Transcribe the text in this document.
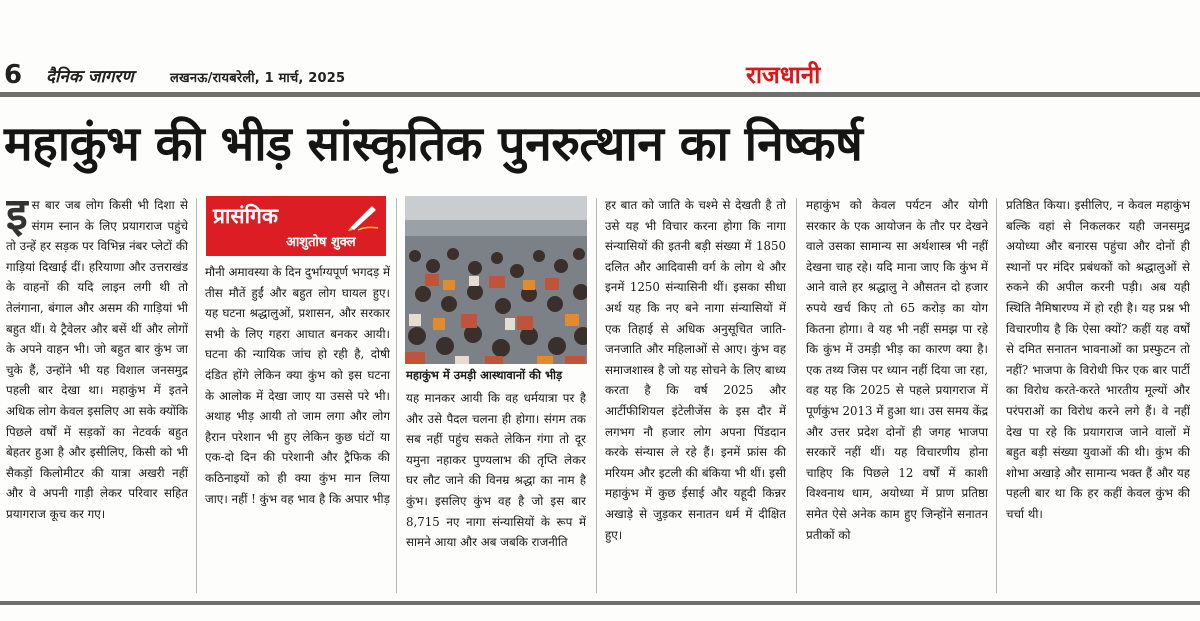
6 दैनिक जागरण	लखनऊ/रायबरेली, 1 मार्च, 2025	राजधानी
महाकुंभ की भीड़ सांस्कृतिक पुनरुत्थान का निष्कर्ष
इ स बार जब लोग किसी भी दिशा से संगम स्नान के लिए प्रयागराज पहुंचे तो उन्हें हर सड़क पर विभिन्न नंबर प्लेटों की गाड़ियां दिखाई दीं। हरियाणा और उत्तराखंड के वाहनों की यदि लाइन लगी थी तो तेलंगाना, बंगाल और असम की गाड़ियां भी बहुत थीं। ये ट्रैवेलर और बसें थीं और लोगों के अपने वाहन भी। जो बहुत बार कुंभ जा चुके हैं, उन्होंने भी यह विशाल जनसमुद्र पहली बार देखा था। महाकुंभ में इतने अधिक लोग केवल इसलिए आ सके क्योंकि पिछले वर्षों में सड़कों का नेटवर्क बहुत बेहतर हुआ है और इसीलिए, किसी को भी सैकड़ों किलोमीटर की यात्रा अखरी नहीं और वे अपनी गाड़ी लेकर परिवार सहित प्रयागराज कूच कर गए।

प्रासंगिक
आशुतोष शुक्ल

मौनी अमावस्या के दिन दुर्भाग्यपूर्ण भगदड़ में तीस मौतें हुईं और बहुत लोग घायल हुए। यह घटना श्रद्धालुओं, प्रशासन, और सरकार सभी के लिए गहरा आघात बनकर आयी। घटना की न्यायिक जांच हो रही है, दोषी दंडित होंगे लेकिन क्या कुंभ को इस घटना के आलोक में देखा जाए या उससे परे भी। अथाह भीड़ आयी तो जाम लगा और लोग हैरान परेशान भी हुए लेकिन कुछ घंटों या एक-दो दिन की परेशानी और ट्रैफिक की कठिनाइयों को ही क्या कुंभ मान लिया जाए। नहीं ! कुंभ वह भाव है कि अपार भीड़

महाकुंभ में उमड़ी आस्थावानों की भीड़

यह मानकर आयी कि वह धर्मयात्रा पर है और उसे पैदल चलना ही होगा। संगम तक सब नहीं पहुंच सकते लेकिन गंगा तो दूर यमुना नहाकर पुण्यलाभ की तृप्ति लेकर घर लौट जाने की विनम्र श्रद्धा का नाम है कुंभ। इसलिए कुंभ वह है जो इस बार 8,715 नए नागा संन्यासियों के रूप में सामने आया और अब जबकि राजनीति

हर बात को जाति के चश्मे से देखती है तो उसे यह भी विचार करना होगा कि नागा संन्यासियों की इतनी बड़ी संख्या में 1850 दलित और आदिवासी वर्ग के लोग थे और इनमें 1250 संन्यासिनी थीं। इसका सीधा अर्थ यह कि नए बने नागा संन्यासियों में एक तिहाई से अधिक अनुसूचित जाति-जनजाति और महिलाओं से आए। कुंभ वह समाजशास्त्र है जो यह सोचने के लिए बाध्य करता है कि वर्ष 2025 और आर्टीफीशियल इंटेलीजेंस के इस दौर में लगभग नौ हजार लोग अपना पिंडदान करके संन्यास ले रहे हैं। इनमें फ्रांस की मरियम और इटली की बंकिया भी थीं। इसी महाकुंभ में कुछ ईसाई और यहूदी किन्नर अखाड़े से जुड़कर सनातन धर्म में दीक्षित हुए।

महाकुंभ को केवल पर्यटन और योगी सरकार के एक आयोजन के तौर पर देखने वाले उसका सामान्य सा अर्थशास्त्र भी नहीं देखना चाह रहे। यदि माना जाए कि कुंभ में आने वाले हर श्रद्धालु ने औसतन दो हजार रुपये खर्च किए तो 65 करोड़ का योग कितना होगा। वे यह भी नहीं समझ पा रहे कि कुंभ में उमड़ी भीड़ का कारण क्या है। एक तथ्य जिस पर ध्यान नहीं दिया जा रहा, वह यह कि 2025 से पहले प्रयागराज में पूर्णकुंभ 2013 में हुआ था। उस समय केंद्र और उत्तर प्रदेश दोनों ही जगह भाजपा सरकारें नहीं थीं। यह विचारणीय होना चाहिए कि पिछले 12 वर्षों में काशी विश्वनाथ धाम, अयोध्या में प्राण प्रतिष्ठा समेत ऐसे अनेक काम हुए जिन्होंने सनातन प्रतीकों को

प्रतिष्ठित किया। इसीलिए, न केवल महाकुंभ बल्कि वहां से निकलकर यही जनसमुद्र अयोध्या और बनारस पहुंचा और दोनों ही स्थानों पर मंदिर प्रबंधकों को श्रद्धालुओं से रुकने की अपील करनी पड़ी। अब यही स्थिति नैमिषारण्य में हो रही है। यह प्रश्न भी विचारणीय है कि ऐसा क्यों? कहीं यह वर्षों से दमित सनातन भावनाओं का प्रस्फुटन तो नहीं? भाजपा के विरोधी फिर एक बार पार्टी का विरोध करते-करते भारतीय मूल्यों और परंपराओं का विरोध करने लगे हैं। वे नहीं देख पा रहे कि प्रयागराज जाने वालों में बहुत बड़ी संख्या युवाओं की थी। कुंभ की शोभा अखाड़े और सामान्य भक्त हैं और यह पहली बार था कि हर कहीं केवल कुंभ की चर्चा थी।
